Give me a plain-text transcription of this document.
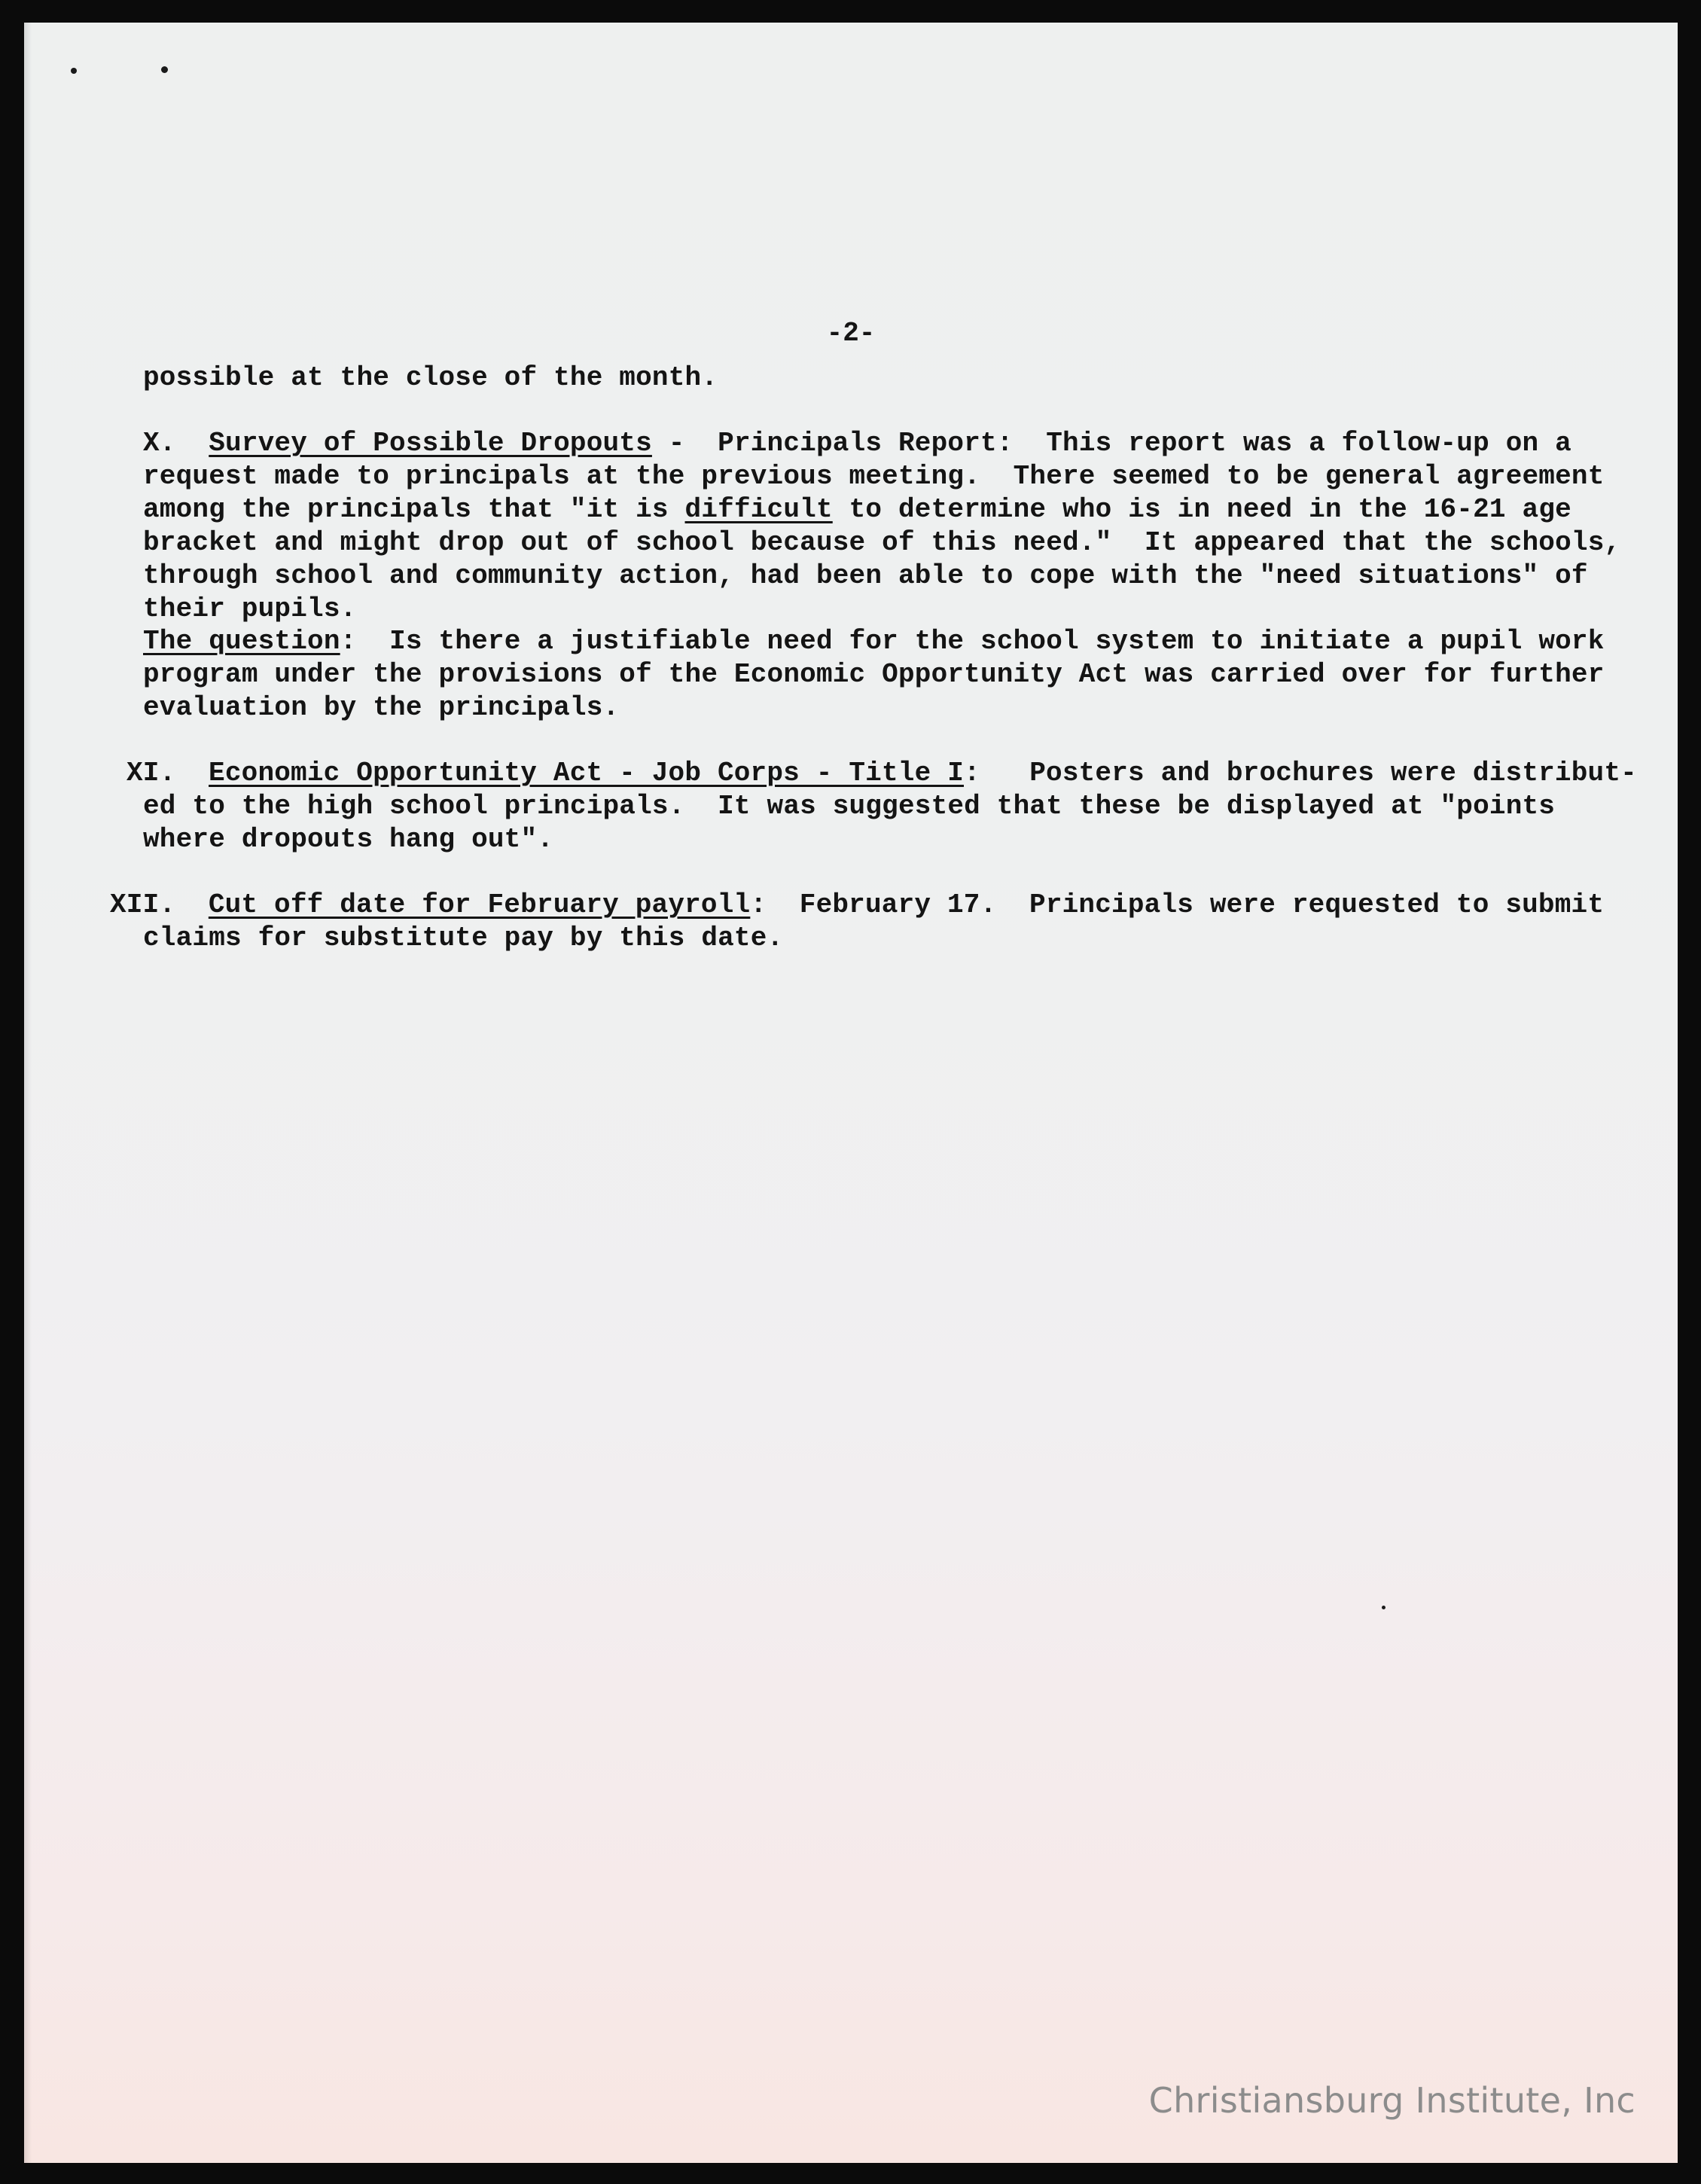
-2-
possible at the close of the month.
X. Survey of Possible Dropouts -  Principals Report:  This report was a follow-up on a
request made to principals at the previous meeting.  There seemed to be general agreement
among the principals that "it is difficult to determine who is in need in the 16-21 age
bracket and might drop out of school because of this need."  It appeared that the schools,
through school and community action, had been able to cope with the "need situations" of
their pupils.
The question:  Is there a justifiable need for the school system to initiate a pupil work
program under the provisions of the Economic Opportunity Act was carried over for further
evaluation by the principals.
XI. Economic Opportunity Act - Job Corps - Title I:   Posters and brochures were distribut-
ed to the high school principals.  It was suggested that these be displayed at "points
where dropouts hang out".
XII. Cut off date for February payroll:  February 17.  Principals were requested to submit
claims for substitute pay by this date.
Christiansburg Institute, Inc
